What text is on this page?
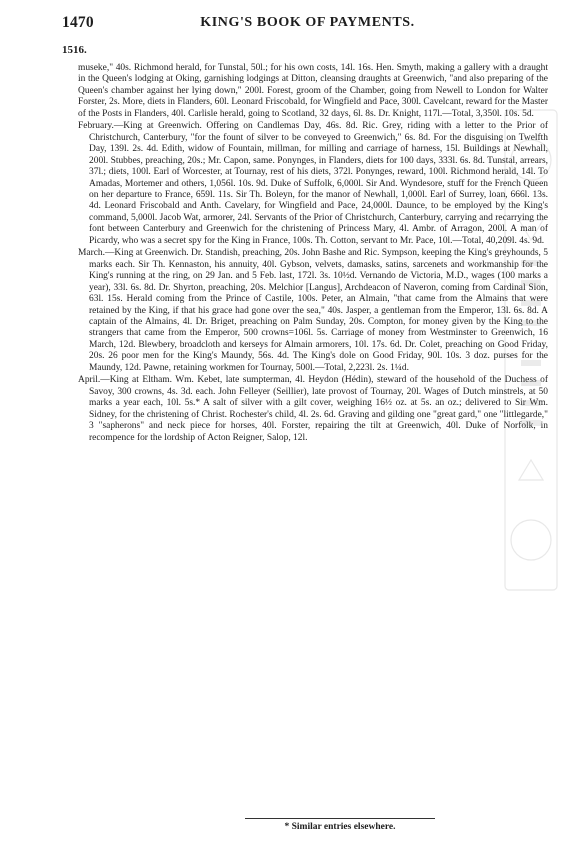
1470	KING'S BOOK OF PAYMENTS.
1516.

museke," 40s. Richmond herald, for Tunstal, 50l.; for his own costs, 14l. 16s. Hen. Smyth, making a gallery with a draught in the Queen's lodging at Oking, garnishing lodgings at Ditton, cleansing draughts at Greenwich, "and also preparing of the Queen's chamber against her lying down," 200l. Forest, groom of the Chamber, going from Newell to London for Walter Forster, 2s. More, diets in Flanders, 60l. Leonard Friscobald, for Wingfield and Pace, 300l. Cavelcant, reward for the Master of the Posts in Flanders, 40l. Carlisle herald, going to Scotland, 32 days, 6l. 8s. Dr. Knight, 117l.—Total, 3,350l. 10s. 5d.

February.—King at Greenwich. Offering on Candlemas Day, 46s. 8d. Ric. Grey, riding with a letter to the Prior of Christchurch, Canterbury, "for the fount of silver to be conveyed to Greenwich," 6s. 8d. For the disguising on Twelfth Day, 139l. 2s. 4d. Edith, widow of Fountain, millman, for milling and carriage of harness, 15l. Buildings at Newhall, 200l. Stubbes, preaching, 20s.; Mr. Capon, same. Ponynges, in Flanders, diets for 100 days, 333l. 6s. 8d. Tunstal, arrears, 37l.; diets, 100l. Earl of Worcester, at Tournay, rest of his diets, 372l. Ponynges, reward, 100l. Richmond herald, 14l. To Amadas, Mortemer and others, 1,056l. 10s. 9d. Duke of Suffolk, 6,000l. Sir And. Wyndesore, stuff for the French Queen on her departure to France, 659l. 11s. Sir Th. Boleyn, for the manor of Newhall, 1,000l. Earl of Surrey, loan, 666l. 13s. 4d. Leonard Friscobald and Anth. Cavelary, for Wingfield and Pace, 24,000l. Daunce, to be employed by the King's command, 5,000l. Jacob Wat, armorer, 24l. Servants of the Prior of Christchurch, Canterbury, carrying and recarrying the font between Canterbury and Greenwich for the christening of Princess Mary, 4l. Ambr. of Arragon, 200l. A man of Picardy, who was a secret spy for the King in France, 100s. Th. Cotton, servant to Mr. Pace, 10l.—Total, 40,209l. 4s. 9d.

March.—King at Greenwich. Dr. Standish, preaching, 20s. John Bashe and Ric. Sympson, keeping the King's greyhounds, 5 marks each. Sir Th. Kennaston, his annuity, 40l. Gybson, velvets, damasks, satins, sarcenets and workmanship for the King's running at the ring, on 29 Jan. and 5 Feb. last, 172l. 3s. 10½d. Vernando de Victoria, M.D., wages (100 marks a year), 33l. 6s. 8d. Dr. Shyrton, preaching, 20s. Melchior [Langus], Archdeacon of Naveron, coming from Cardinal Sion, 63l. 15s. Herald coming from the Prince of Castile, 100s. Peter, an Almain, "that came from the Almains that were retained by the King, if that his grace had gone over the sea," 40s. Jasper, a gentleman from the Emperor, 13l. 6s. 8d. A captain of the Almains, 4l. Dr. Briget, preaching on Palm Sunday, 20s. Compton, for money given by the King to the strangers that came from the Emperor, 500 crowns=106l. 5s. Carriage of money from Westminster to Greenwich, 16 March, 12d. Blewbery, broadcloth and kerseys for Almain armorers, 10l. 17s. 6d. Dr. Colet, preaching on Good Friday, 20s. 26 poor men for the King's Maundy, 56s. 4d. The King's dole on Good Friday, 90l. 10s. 3 doz. purses for the Maundy, 12d. Pawne, retaining workmen for Tournay, 500l.—Total, 2,223l. 2s. 1¼d.

April.—King at Eltham. Wm. Kebet, late sumpterman, 4l. Heydon (Hédin), steward of the household of the Duchess of Savoy, 300 crowns, 4s. 3d. each. John Felleyer (Seillier), late provost of Tournay, 20l. Wages of Dutch minstrels, at 50 marks a year each, 10l. 5s.* A salt of silver with a gilt cover, weighing 16½ oz. at 5s. an oz.; delivered to Sir Wm. Sidney, for the christening of Christ. Rochester's child, 4l. 2s. 6d. Graving and gilding one "great gard," one "littlegarde," 3 "sapherons" and neck piece for horses, 40l. Forster, repairing the tilt at Greenwich, 40l. Duke of Norfolk, in recompence for the lordship of Acton Reigner, Salop, 12l.

* Similar entries elsewhere.
